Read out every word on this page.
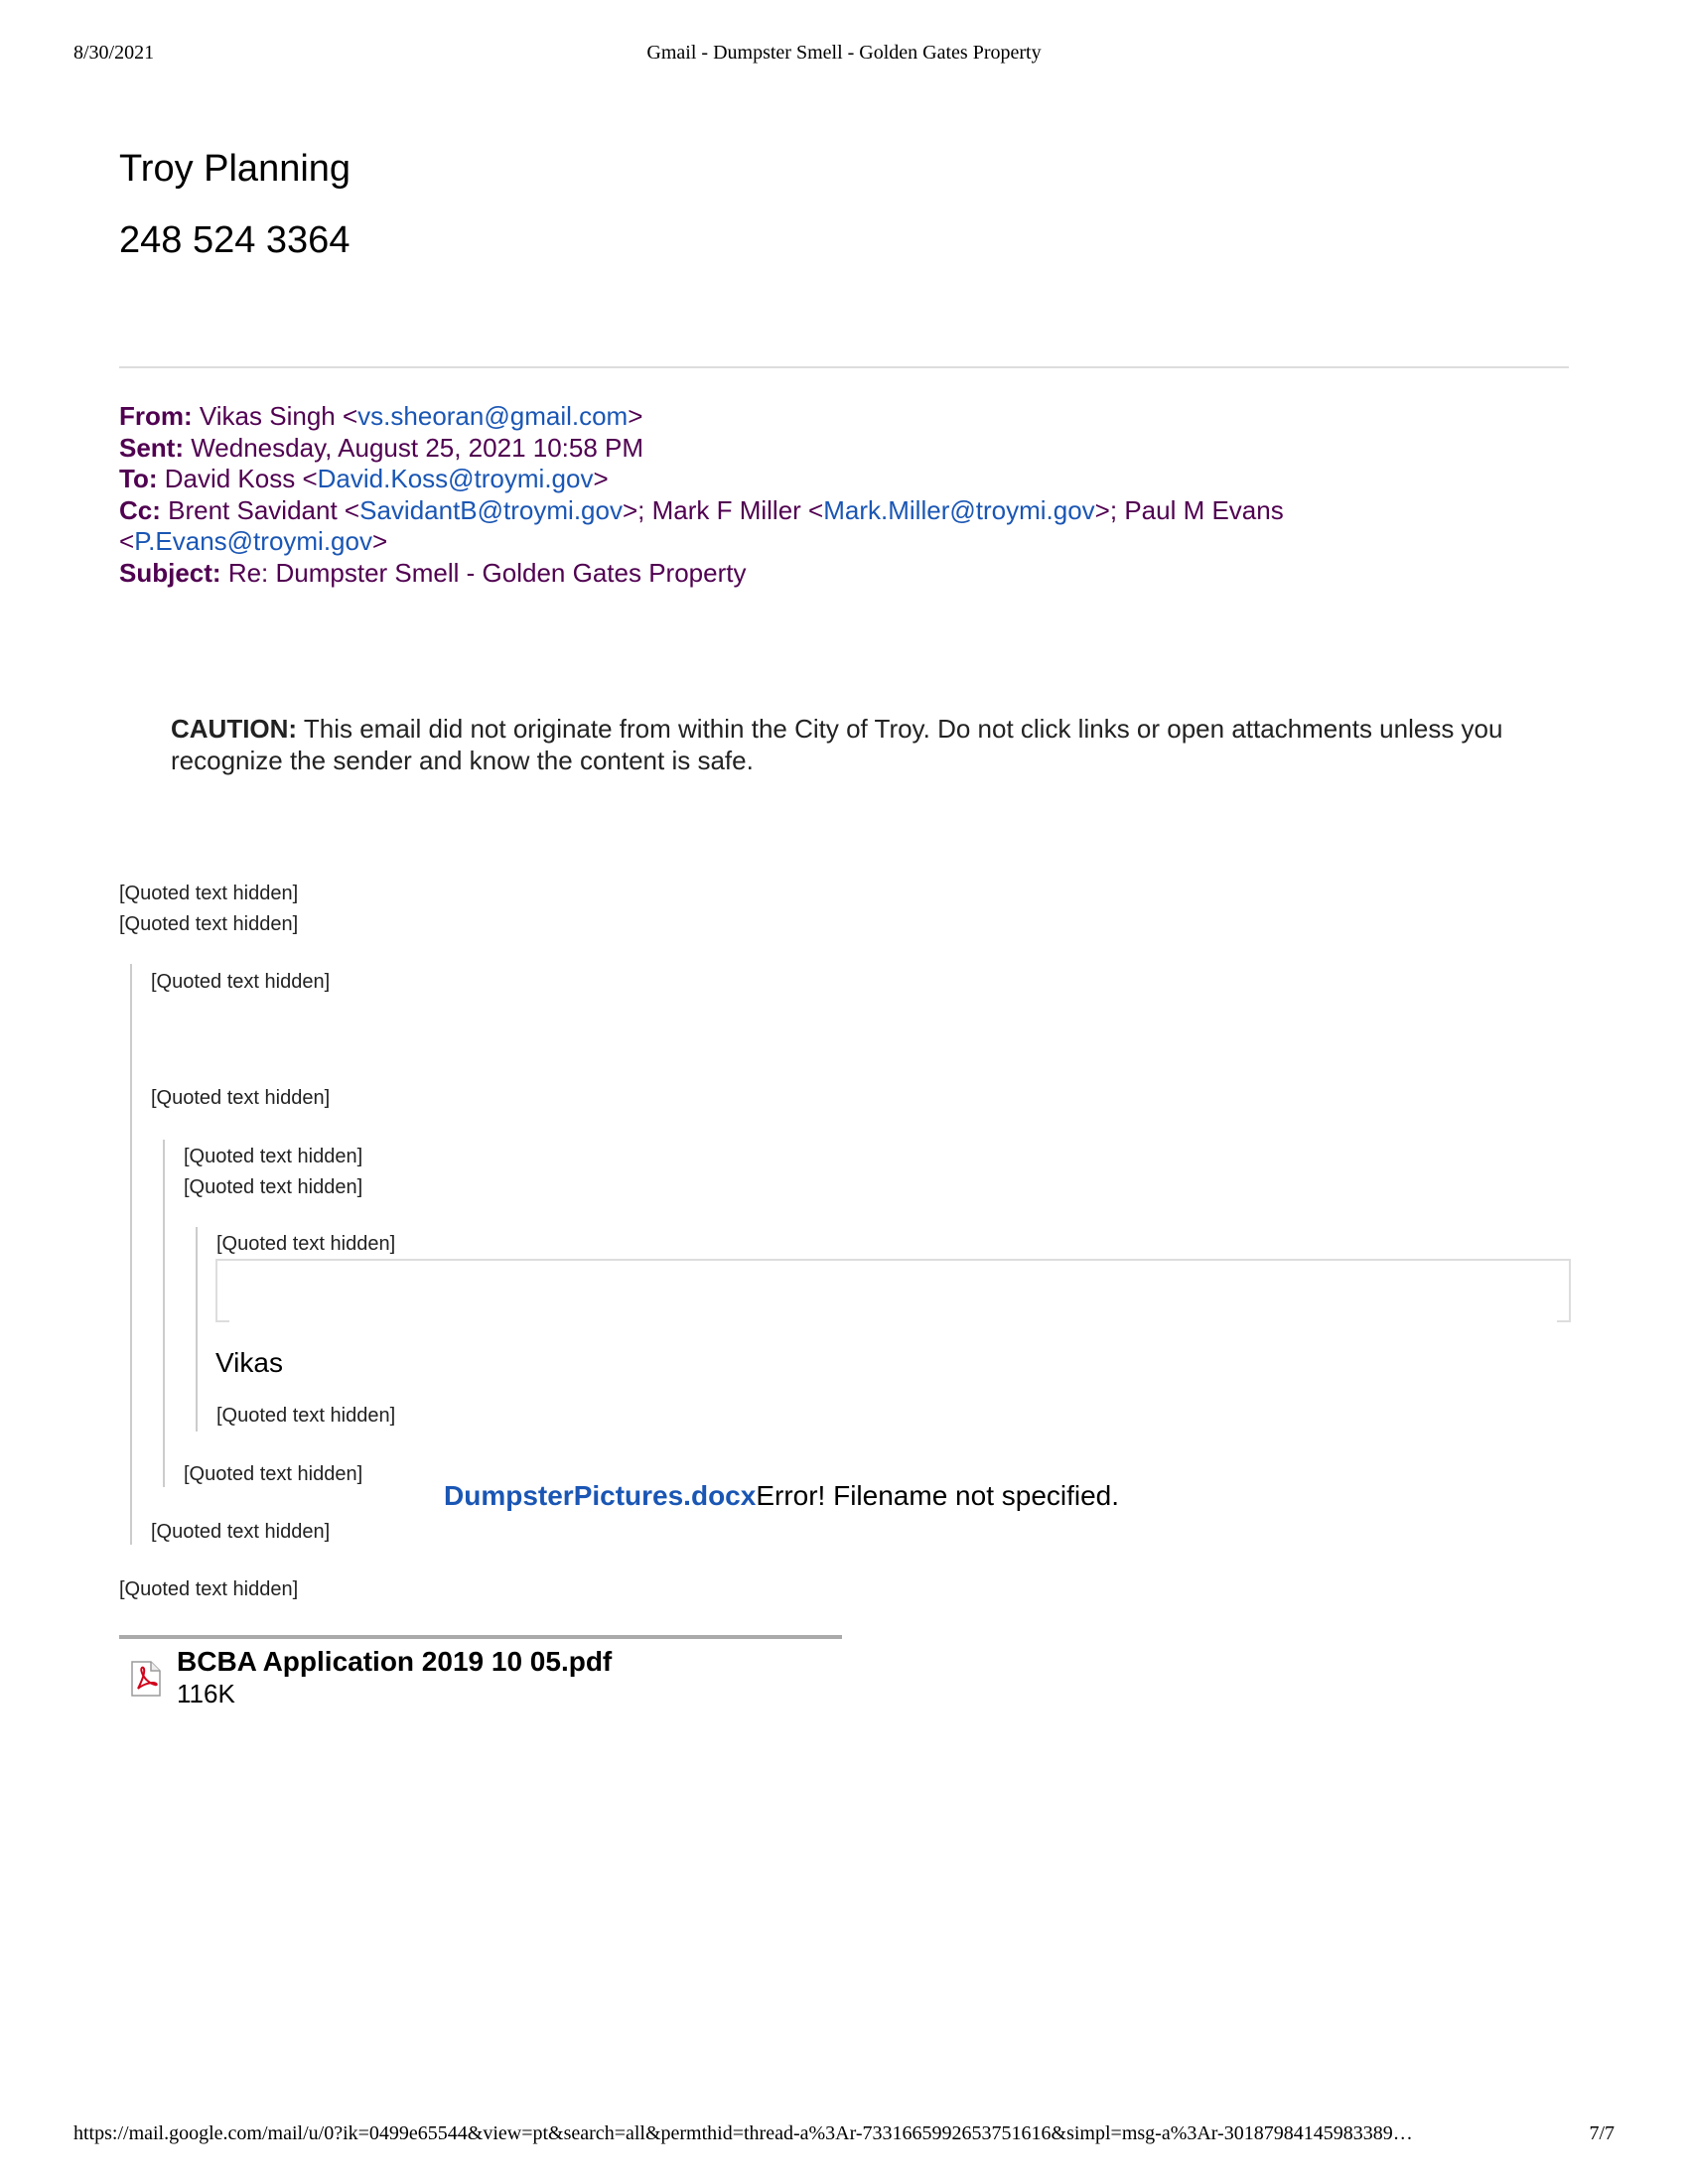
8/30/2021	Gmail - Dumpster Smell - Golden Gates Property
Troy Planning
248 524 3364
From: Vikas Singh <vs.sheoran@gmail.com>
Sent: Wednesday, August 25, 2021 10:58 PM
To: David Koss <David.Koss@troymi.gov>
Cc: Brent Savidant <SavidantB@troymi.gov>; Mark F Miller <Mark.Miller@troymi.gov>; Paul M Evans <P.Evans@troymi.gov>
Subject: Re: Dumpster Smell - Golden Gates Property
CAUTION: This email did not originate from within the City of Troy. Do not click links or open attachments unless you recognize the sender and know the content is safe.
[Quoted text hidden]
[Quoted text hidden]
[Quoted text hidden]
[Quoted text hidden]
[Quoted text hidden]
[Quoted text hidden]
[Quoted text hidden]
Vikas
[Quoted text hidden]
[Quoted text hidden]
DumpsterPictures.docxError! Filename not specified.
[Quoted text hidden]
[Quoted text hidden]
BCBA Application 2019 10 05.pdf
116K
https://mail.google.com/mail/u/0?ik=0499e65544&view=pt&search=all&permthid=thread-a%3Ar-7331665992653751616&simpl=msg-a%3Ar-30187984145983389…	7/7
